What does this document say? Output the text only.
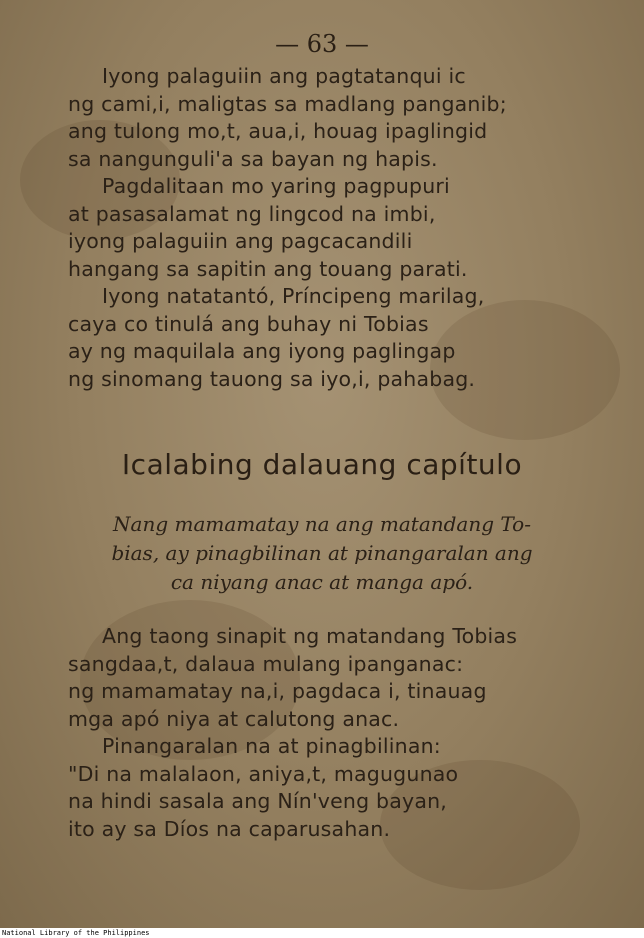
— 63 —

Iyong palaguiin ang pagtatanqui ic

ng cami,i, maligtas sa madlang panganib;

ang tulong mo,t, aua,i, houag ipaglingid

sa nangunguli'a sa bayan ng hapis.

Pagdalitaan mo yaring pagpupuri

at pasasalamat ng lingcod na imbi,

iyong palaguiin ang pagcacandili

hangang sa sapitin ang touang parati.

Iyong natatantó, Príncipeng marilag,

caya co tinulá ang buhay ni Tobias

ay ng maquilala ang iyong paglingap

ng sinomang tauong sa iyo,i, pahabag.

Icalabing dalauang capítulo

Nang mamamatay na ang matandang To-

bias, ay pinagbilinan at pinangaralan ang

ca niyang anac at manga apó.

Ang taong sinapit ng matandang Tobias

sangdaa,t, dalaua mulang ipanganac:

ng mamamatay na,i, pagdaca i, tinauag

mga apó niya at calutong anac.

Pinangaralan na at pinagbilinan:

"Di na malalaon, aniya,t, magugunao

na hindi sasala ang Nín'veng bayan,

ito ay sa Díos na caparusahan.

National Library of the Philippines
